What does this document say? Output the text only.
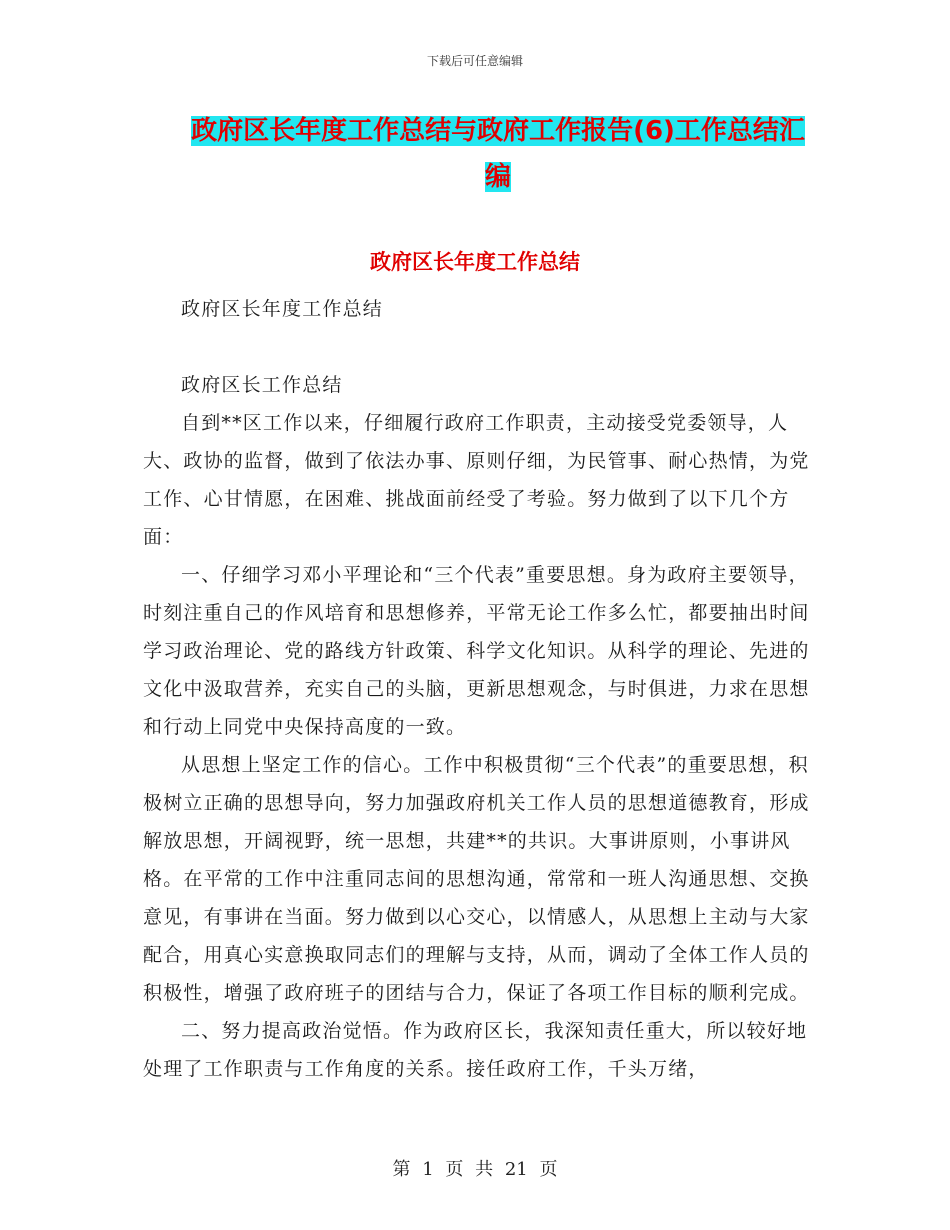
下载后可任意编辑
政府区长年度工作总结与政府工作报告(6)工作总结汇编
政府区长年度工作总结

政府区长年度工作总结

政府区长工作总结

自到**区工作以来，仔细履行政府工作职责，主动接受党委领导，人大、政协的监督，做到了依法办事、原则仔细，为民管事、耐心热情，为党工作、心甘情愿，在困难、挑战面前经受了考验。努力做到了以下几个方面：

一、仔细学习邓小平理论和“三个代表”重要思想。身为政府主要领导，时刻注重自己的作风培育和思想修养，平常无论工作多么忙，都要抽出时间学习政治理论、党的路线方针政策、科学文化知识。从科学的理论、先进的文化中汲取营养，充实自己的头脑，更新思想观念，与时俱进，力求在思想和行动上同党中央保持高度的一致。

从思想上坚定工作的信心。工作中积极贯彻“三个代表”的重要思想，积极树立正确的思想导向，努力加强政府机关工作人员的思想道德教育，形成解放思想，开阔视野，统一思想，共建**的共识。大事讲原则，小事讲风格。在平常的工作中注重同志间的思想沟通，常常和一班人沟通思想、交换意见，有事讲在当面。努力做到以心交心，以情感人，从思想上主动与大家配合，用真心实意换取同志们的理解与支持，从而，调动了全体工作人员的积极性，增强了政府班子的团结与合力，保证了各项工作目标的顺利完成。

二、努力提高政治觉悟。作为政府区长，我深知责任重大，所以较好地处理了工作职责与工作角度的关系。接任政府工作，千头万绪，

第 1 页 共 21 页
